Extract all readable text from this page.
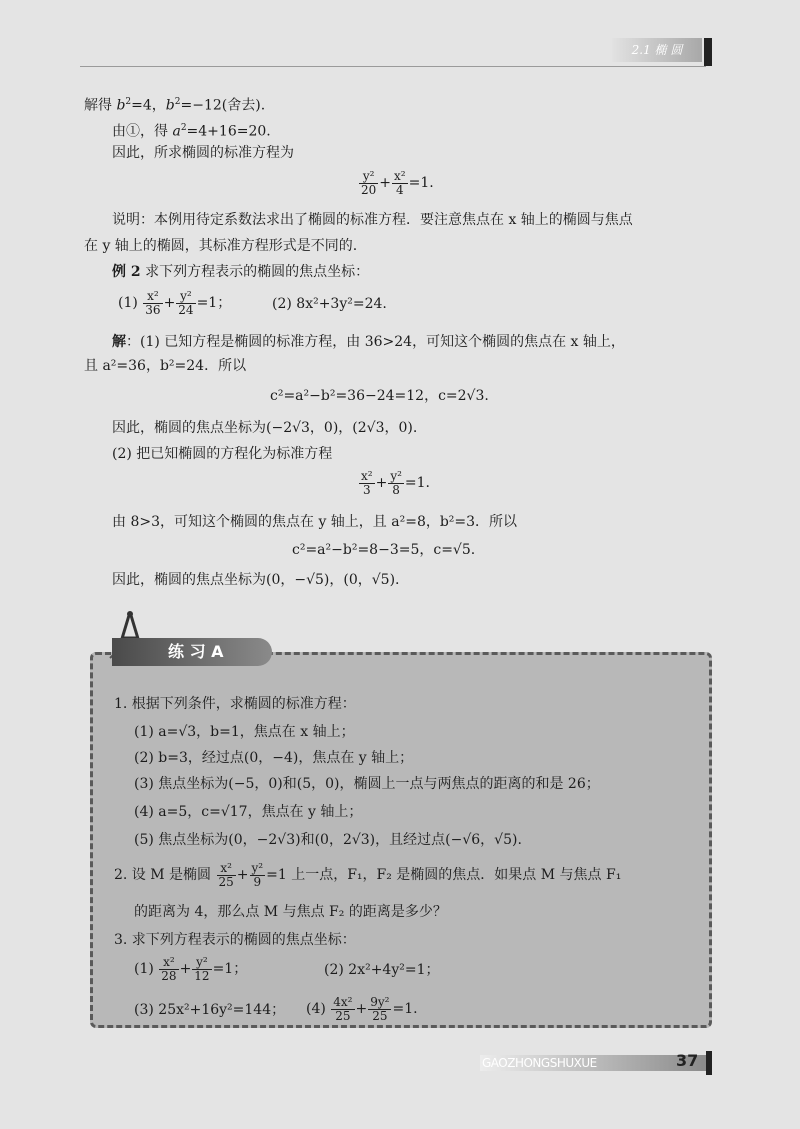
2.1 椭 圆
解得 $b^2=4$，$b^2=-12$(舍去).
由①，得 $a^2=4+16=20$.
因此，所求椭圆的标准方程为
$\frac{\text{y²}}{20} + \frac{\text{x²}}{4} =1$.
说明：本例用待定系数法求出了椭圆的标准方程．要注意焦点在 x 轴上的椭圆与焦点
在 y 轴上的椭圆，其标准方程形式是不同的.
例 2 求下列方程表示的椭圆的焦点坐标：
$(1) \frac{\text{x²}}{36} + \frac{\text{y²}}{24} =1$；	(2) 8x²+3y²=24.
解：(1) 已知方程是椭圆的标准方程，由 36>24，可知这个椭圆的焦点在 x 轴上，
且 a²=36，b²=24．所以
c²=a²−b²=36−24=12，c=2√3.
因此，椭圆的焦点坐标为(−2√3，0)，(2√3，0).
(2) 把已知椭圆的方程化为标准方程
$\frac{\text{x²}}{3} + \frac{\text{y²}}{8} =1$.
由 8>3，可知这个椭圆的焦点在 y 轴上，且 a²=8，b²=3．所以
c²=a²−b²=8−3=5，c=√5.
因此，椭圆的焦点坐标为(0，−√5)，(0，√5).
练 习 A
1. 根据下列条件，求椭圆的标准方程：
(1) a=√3，b=1，焦点在 x 轴上；
(2) b=3，经过点(0，−4)，焦点在 y 轴上；
(3) 焦点坐标为(−5，0)和(5，0)，椭圆上一点与两焦点的距离的和是 26；
(4) a=5，c=√17，焦点在 y 轴上；
(5) 焦点坐标为(0，−2√3)和(0，2√3)，且经过点(−√6，√5).
2. 设 M 是椭圆 $\frac{\text{x²}}{25} + \frac{\text{y²}}{9} =1$ 上一点，F₁，F₂ 是椭圆的焦点．如果点 M 与焦点 F₁
的距离为 4，那么点 M 与焦点 F₂ 的距离是多少？
3. 求下列方程表示的椭圆的焦点坐标：
$(1) \frac{\text{x²}}{28} + \frac{\text{y²}}{12} =1$；	(2) 2x²+4y²=1；
(3) 25x²+16y²=144； $(4) \frac{\text{4x²}}{25} + \frac{\text{9y²}}{25} =1$.
GAOZHONGSHUXUE	37
